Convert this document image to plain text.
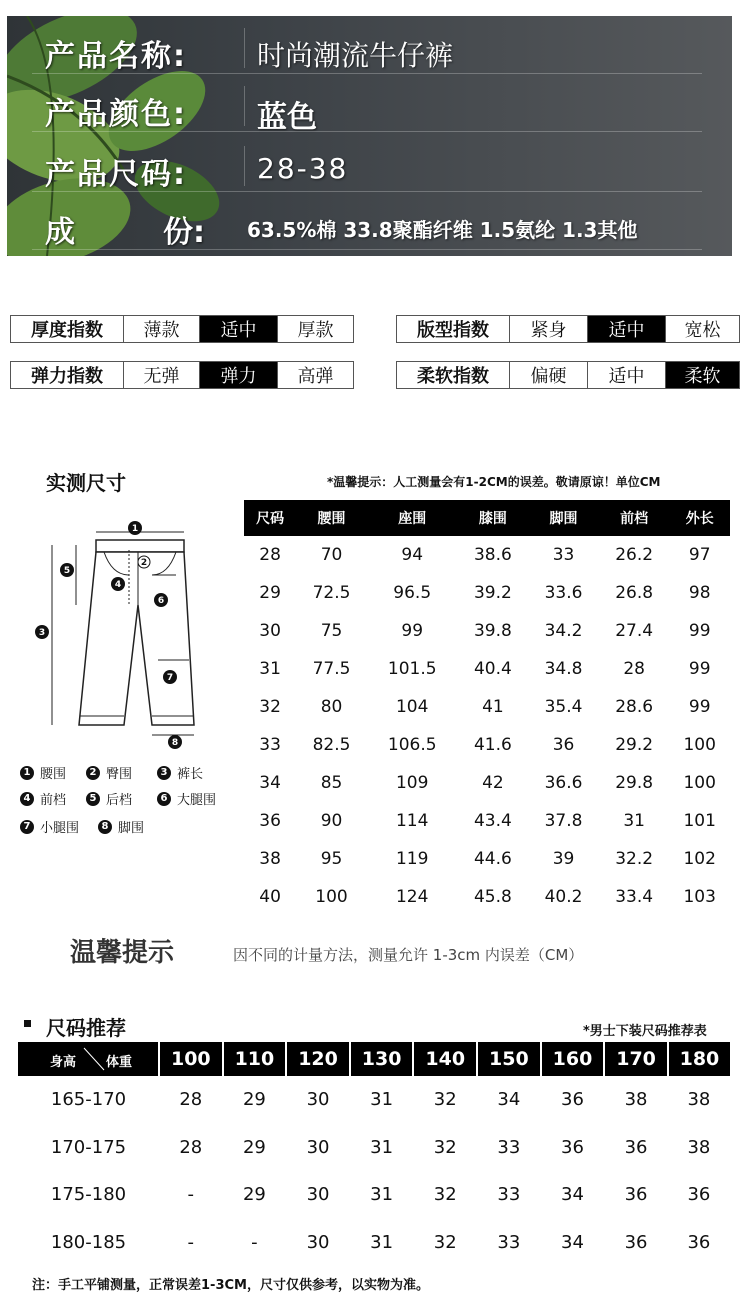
产品名称:	时尚潮流牛仔裤
产品颜色: 蓝色
产品尺码:	28-38
成	份: 63.5%棉 33.8聚酯纤维 1.5氨纶 1.3其他
厚度指数	薄款	适中	厚款	版型指数	紧身	适中	宽松
弹力指数	无弹	弹力	高弹	柔软指数	偏硬	适中	柔软
实测尺寸	*温馨提示：人工测量会有1-2CM的误差。敬请原谅！单位CM
1
2
3
4
5
6
7
8
1 腰围	2 臀围	3 裤长
4 前档	5 后档	6 大腿围
7 小腿围	8 脚围
尺码	腰围	座围	膝围	脚围	前档	外长
28	70	94	38.6	33	26.2	97
29	72.5	96.5	39.2	33.6	26.8	98
30	75	99	39.8	34.2	27.4	99
31	77.5	101.5	40.4	34.8	28	99
32	80	104	41	35.4	28.6	99
33	82.5	106.5	41.6	36	29.2	100
34	85	109	42	36.6	29.8	100
36	90	114	43.4	37.8	31	101
38	95	119	44.6	39	32.2	102
40	100	124	45.8	40.2	33.4	103
温馨提示	因不同的计量方法，测量允许 1-3cm 内误差（CM）
尺码推荐	*男士下装尺码推荐表
身高 体重	100	110	120	130	140	150	160	170	180
165-170	28	29	30	31	32	34	36	38	38
170-175	28	29	30	31	32	33	36	36	38
175-180	-	29	30	31	32	33	34	36	36
180-185	-	-	30	31	32	33	34	36	36
注：手工平铺测量，正常误差1-3CM，尺寸仅供参考，以实物为准。
